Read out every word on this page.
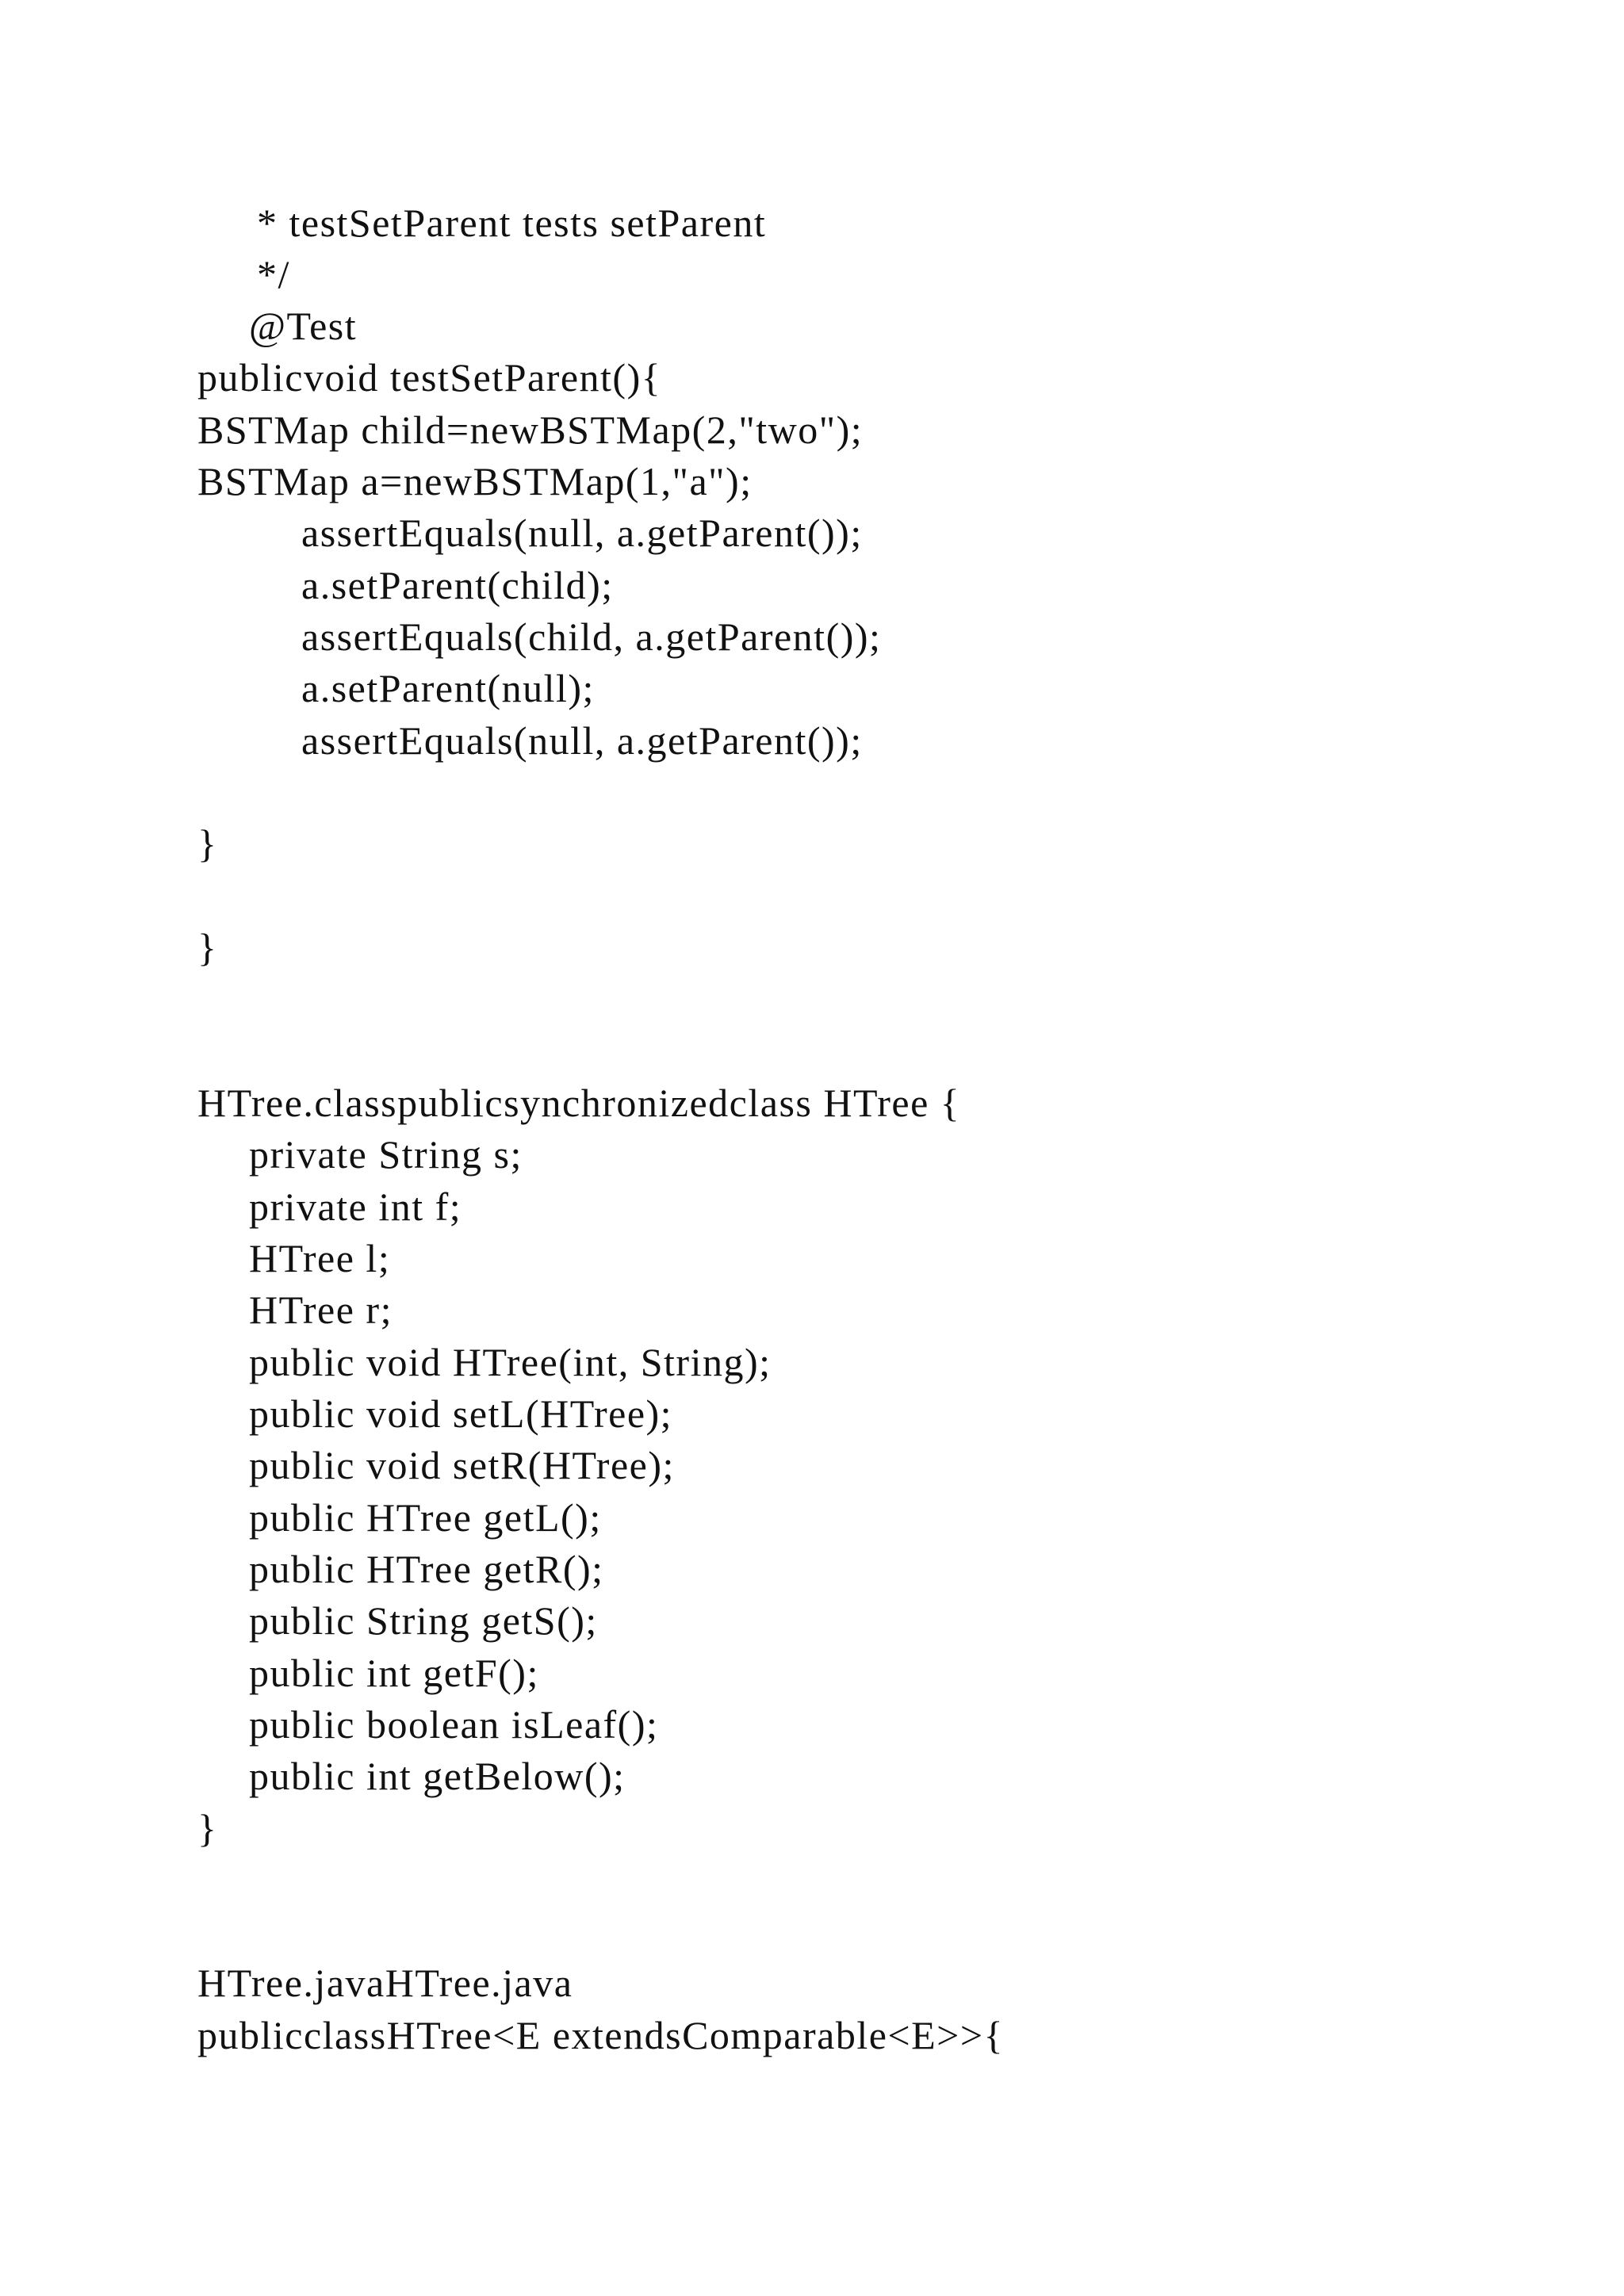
* testSetParent tests setParent
*/
@Test
publicvoid testSetParent(){
BSTMap child=newBSTMap(2,"two");
BSTMap a=newBSTMap(1,"a");
assertEquals(null, a.getParent());
a.setParent(child);
assertEquals(child, a.getParent());
a.setParent(null);
assertEquals(null, a.getParent());
}
}
HTree.classpublicsynchronizedclass HTree {
private String s;
private int f;
HTree l;
HTree r;
public void HTree(int, String);
public void setL(HTree);
public void setR(HTree);
public HTree getL();
public HTree getR();
public String getS();
public int getF();
public boolean isLeaf();
public int getBelow();
}
HTree.javaHTree.java
publicclassHTree<E extendsComparable<E>>{
